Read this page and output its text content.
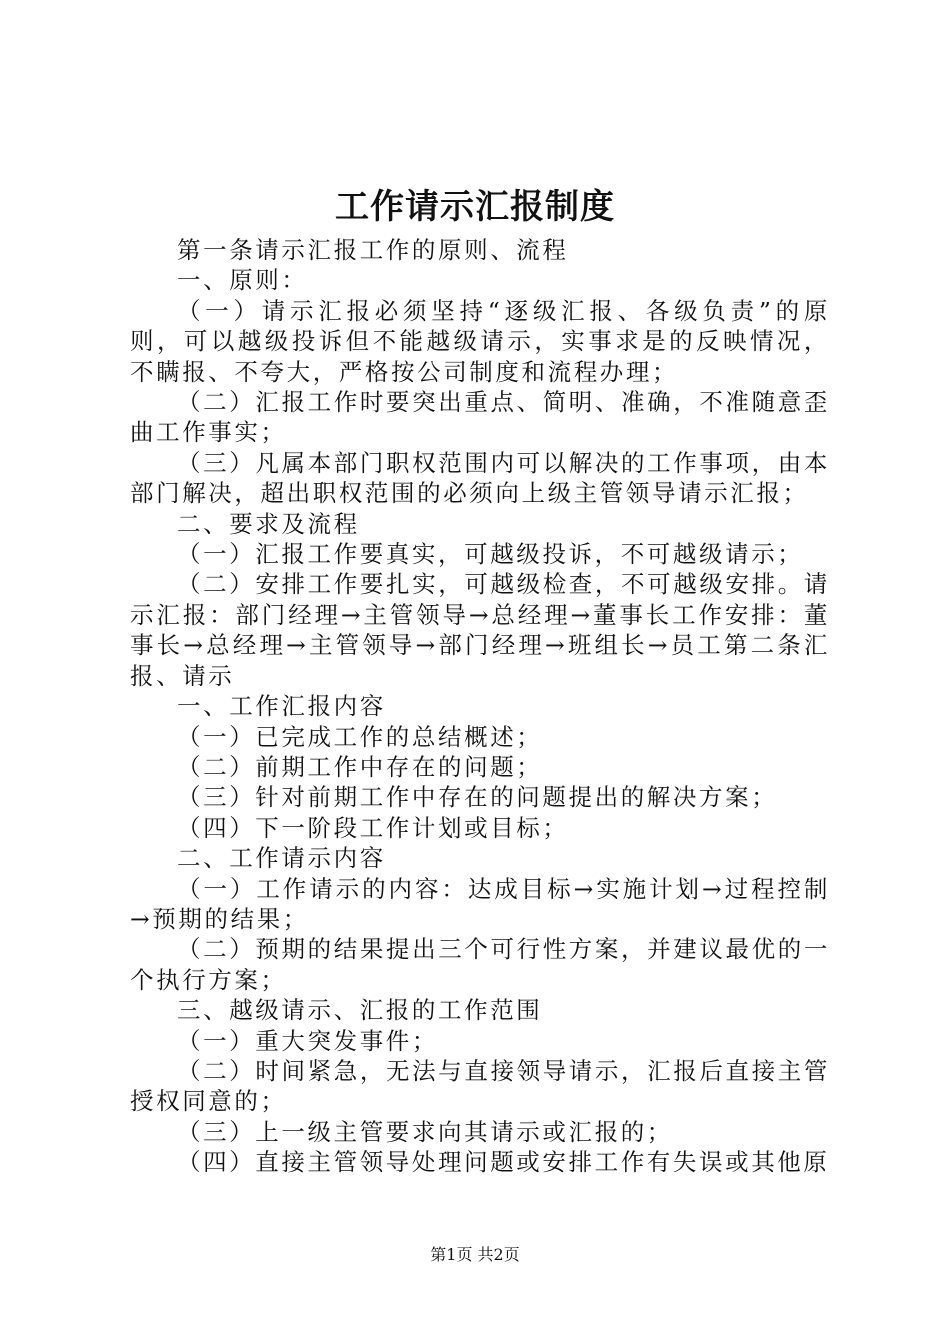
工作请示汇报制度

第一条请示汇报工作的原则、流程

一、原则：

（一）请示汇报必须坚持“逐级汇报、各级负责”的原则，可以越级投诉但不能越级请示，实事求是的反映情况，不瞒报、不夸大，严格按公司制度和流程办理；

（二）汇报工作时要突出重点、简明、准确，不准随意歪曲工作事实；

（三）凡属本部门职权范围内可以解决的工作事项，由本部门解决，超出职权范围的必须向上级主管领导请示汇报；

二、要求及流程

（一）汇报工作要真实，可越级投诉，不可越级请示；

（二）安排工作要扎实，可越级检查，不可越级安排。请示汇报：部门经理→主管领导→总经理→董事长工作安排：董事长→总经理→主管领导→部门经理→班组长→员工第二条汇报、请示

一、工作汇报内容

（一）已完成工作的总结概述；

（二）前期工作中存在的问题；

（三）针对前期工作中存在的问题提出的解决方案；

（四）下一阶段工作计划或目标；

二、工作请示内容

（一）工作请示的内容：达成目标→实施计划→过程控制→预期的结果；

（二）预期的结果提出三个可行性方案，并建议最优的一个执行方案；

三、越级请示、汇报的工作范围

（一）重大突发事件；

（二）时间紧急，无法与直接领导请示，汇报后直接主管授权同意的；

（三）上一级主管要求向其请示或汇报的；

（四）直接主管领导处理问题或安排工作有失误或其他原

第1页 共2页
